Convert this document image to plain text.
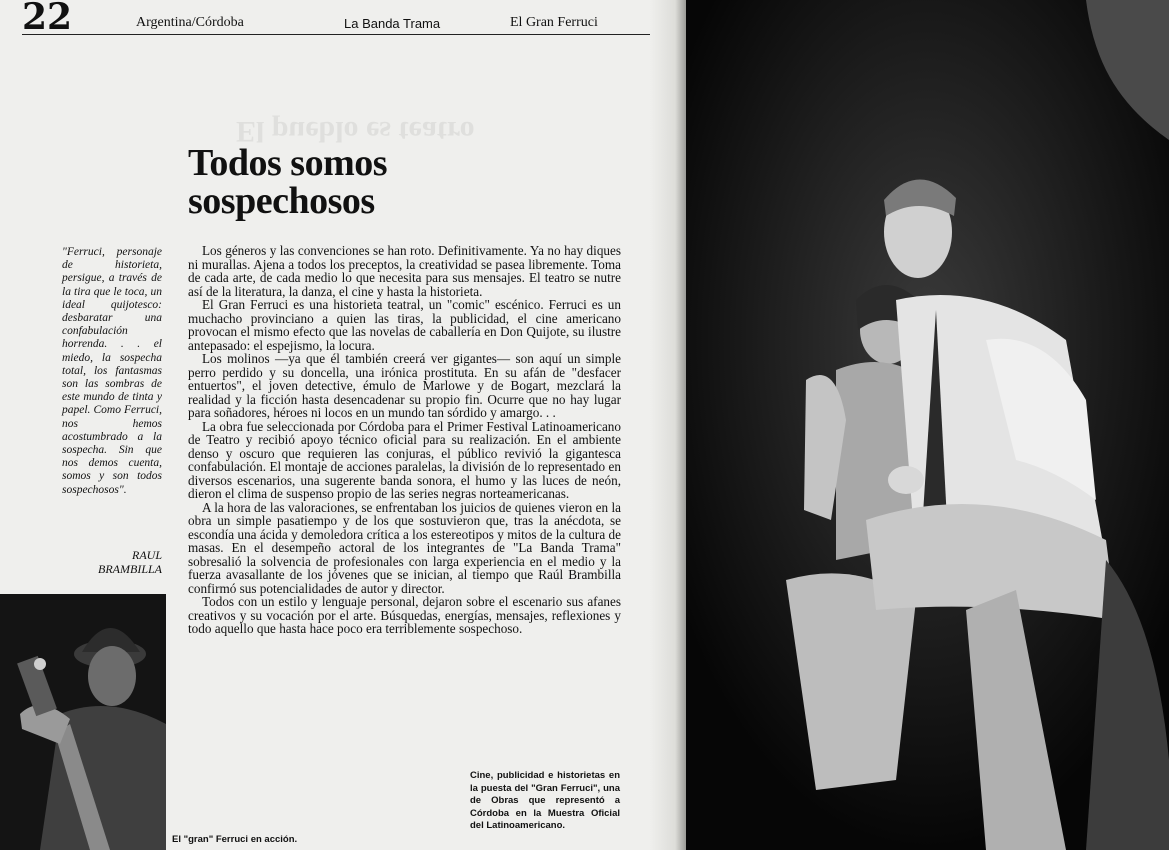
22	Argentina/Córdoba	La Banda Trama	El Gran Ferruci
El pueblo es teatro
Todos somos
sospechosos
"Ferruci, personaje de historieta, persigue, a través de la tira que le toca, un ideal quijotesco: desbaratar una confabulación horrenda. . . el miedo, la sospecha total, los fantasmas son las sombras de este mundo de tinta y papel. Como Ferruci, nos hemos acostumbrado a la sospecha. Sin que nos demos cuenta, somos y son todos sospechosos".
RAUL
BRAMBILLA

Los géneros y las convenciones se han roto. Definitivamente. Ya no hay diques ni murallas. Ajena a todos los preceptos, la creatividad se pasea libremente. Toma de cada arte, de cada medio lo que necesita para sus mensajes. El teatro se nutre así de la literatura, la danza, el cine y hasta la historieta.

El Gran Ferruci es una historieta teatral, un "comic" escénico. Ferruci es un muchacho provinciano a quien las tiras, la publicidad, el cine americano provocan el mismo efecto que las novelas de caballería en Don Quijote, su ilustre antepasado: el espejismo, la locura.

Los molinos —ya que él también creerá ver gigantes— son aquí un simple perro perdido y su doncella, una irónica prostituta. En su afán de "desfacer entuertos", el joven detective, émulo de Marlowe y de Bogart, mezclará la realidad y la ficción hasta desencadenar su propio fin. Ocurre que no hay lugar para soñadores, héroes ni locos en un mundo tan sórdido y amargo. . .

La obra fue seleccionada por Córdoba para el Primer Festival Latinoamericano de Teatro y recibió apoyo técnico oficial para su realización. En el ambiente denso y oscuro que requieren las conjuras, el público revivió la gigantesca confabulación. El montaje de acciones paralelas, la división de lo representado en diversos escenarios, una sugerente banda sonora, el humo y las luces de neón, dieron el clima de suspenso propio de las series negras norteamericanas.

A la hora de las valoraciones, se enfrentaban los juicios de quienes vieron en la obra un simple pasatiempo y de los que sostuvieron que, tras la anécdota, se escondía una ácida y demoledora crítica a los estereotipos y mitos de la cultura de masas. En el desempeño actoral de los integrantes de "La Banda Trama" sobresalió la solvencia de profesionales con larga experiencia en el medio y la fuerza avasallante de los jóvenes que se inician, al tiempo que Raúl Brambilla confirmó sus potencialidades de autor y director.

Todos con un estilo y lenguaje personal, dejaron sobre el escenario sus afanes creativos y su vocación por el arte. Búsquedas, energías, mensajes, reflexiones y todo aquello que hasta hace poco era terriblemente sospechoso.

El "gran" Ferruci en acción.
Cine, publicidad e historietas en la puesta del "Gran Ferruci", una de Obras que representó a Córdoba en la Muestra Oficial del Latinoamericano.
